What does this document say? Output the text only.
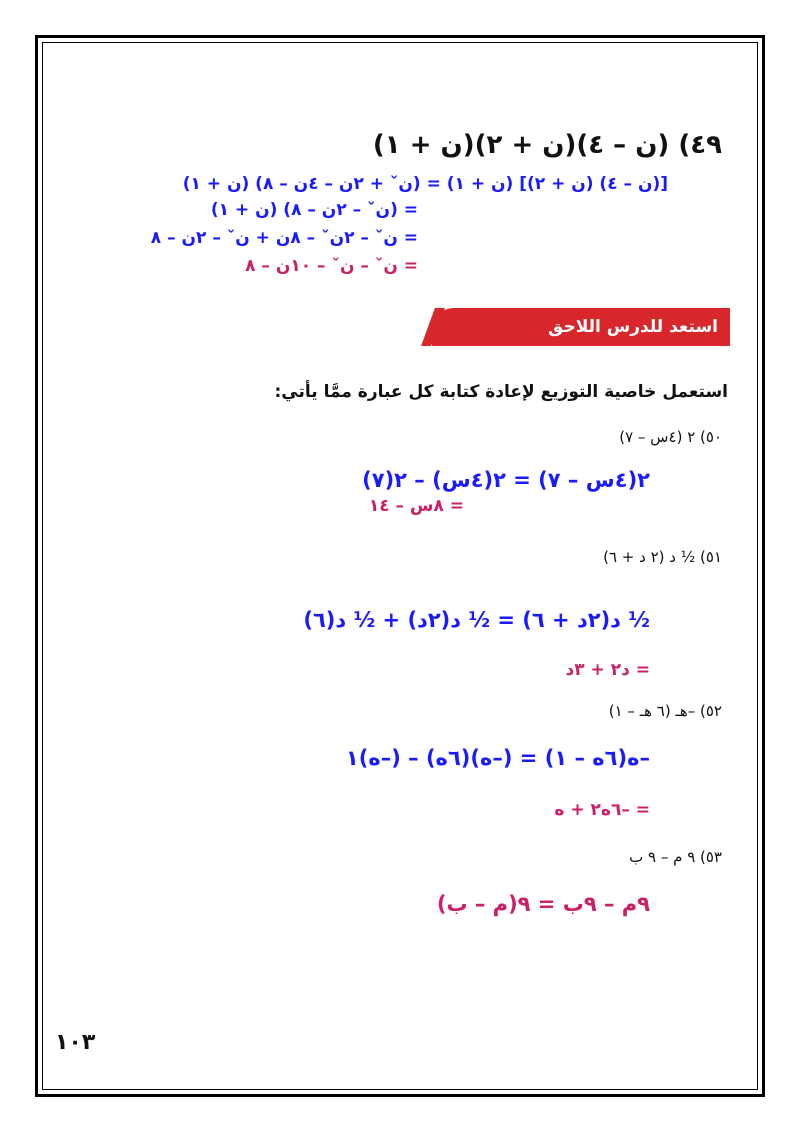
٤٩) (ن – ٤)(ن + ٢)(ن + ١)
[(ن – ٤) (ن + ٢)] (ن + ١) = (نˇ + ٢ن – ٤ن – ٨) (ن + ١)
= (نˇ – ٢ن – ٨) (ن + ١)
= نˇ – ٢نˇ – ٨ن + نˇ – ٢ن – ٨
= نˇ – نˇ – ١٠ن – ٨
استعد للدرس اللاحق
استعمل خاصية التوزيع لإعادة كتابة كل عبارة ممَّا يأتي:
٥٠) ٢ (٤س – ٧)
٢(٤س – ٧) = ٢(٤س) – ٢(٧)
= ٨س – ١٤
٥١) ½ د (٢ د + ٦)
½ د(٢د + ٦) = ½ د(٢د) + ½ د(٦)
= د٢ + ٣د
٥٢) –هـ (٦ هـ – ١)
–ه(٦ه – ١) = (–ه)(٦ه) – (–ه)١
= –٦ه٢ + ه
٥٣) ٩ م – ٩ ب
٩م – ٩ب = ٩(م – ب)
١٠٣
